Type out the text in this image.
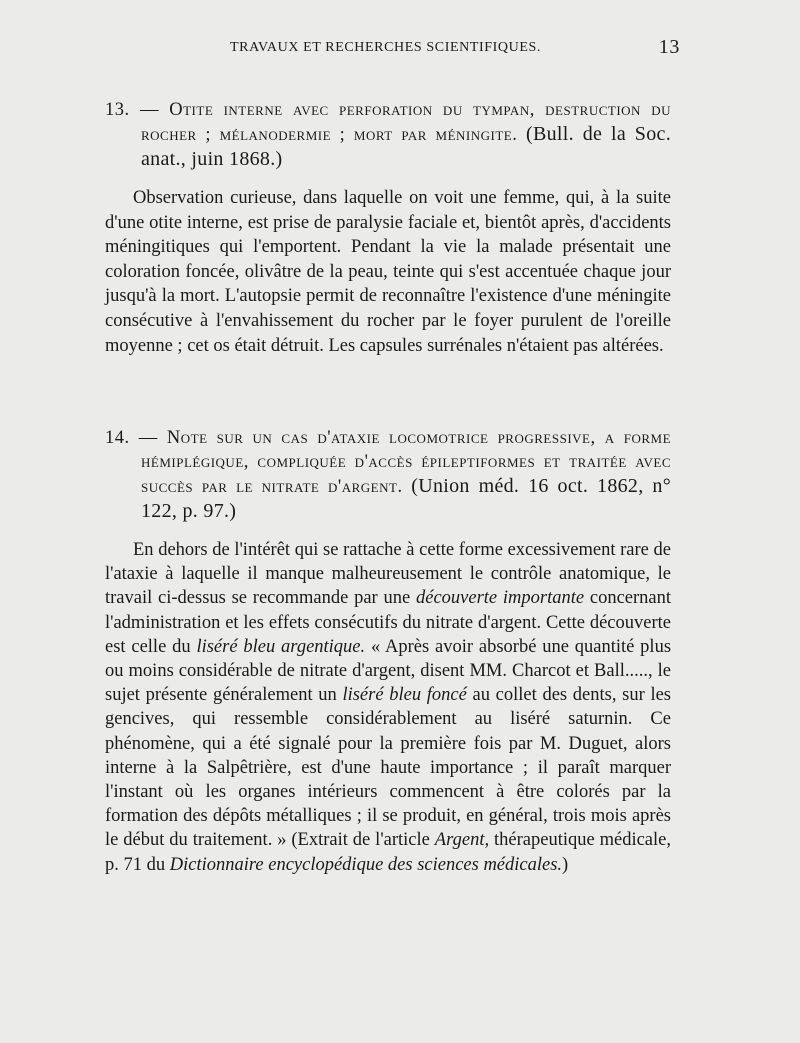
TRAVAUX ET RECHERCHES SCIENTIFIQUES.	13
13. — Otite interne avec perforation du tympan, destruction du rocher ; mélanodermie ; mort par méningite. (Bull. de la Soc. anat., juin 1868.)
Observation curieuse, dans laquelle on voit une femme, qui, à la suite d'une otite interne, est prise de paralysie faciale et, bientôt après, d'accidents méningitiques qui l'emportent. Pendant la vie la malade présentait une coloration foncée, olivâtre de la peau, teinte qui s'est accentuée chaque jour jusqu'à la mort. L'autopsie permit de reconnaître l'existence d'une méningite consécutive à l'envahissement du rocher par le foyer purulent de l'oreille moyenne ; cet os était détruit. Les capsules surrénales n'étaient pas altérées.
14. — Note sur un cas d'ataxie locomotrice progressive, a forme hémiplégique, compliquée d'accès épileptiformes et traitée avec succès par le nitrate d'argent. (Union méd. 16 oct. 1862, n° 122, p. 97.)
En dehors de l'intérêt qui se rattache à cette forme excessivement rare de l'ataxie à laquelle il manque malheureusement le contrôle anatomique, le travail ci-dessus se recommande par une découverte importante concernant l'administration et les effets consécutifs du nitrate d'argent. Cette découverte est celle du liséré bleu argentique. « Après avoir absorbé une quantité plus ou moins considérable de nitrate d'argent, disent MM. Charcot et Ball....., le sujet présente généralement un liséré bleu foncé au collet des dents, sur les gencives, qui ressemble considérablement au liséré saturnin. Ce phénomène, qui a été signalé pour la première fois par M. Duguet, alors interne à la Salpêtrière, est d'une haute importance ; il paraît marquer l'instant où les organes intérieurs commencent à être colorés par la formation des dépôts métalliques ; il se produit, en général, trois mois après le début du traitement. » (Extrait de l'article Argent, thérapeutique médicale, p. 71 du Dictionnaire encyclopédique des sciences médicales.)
